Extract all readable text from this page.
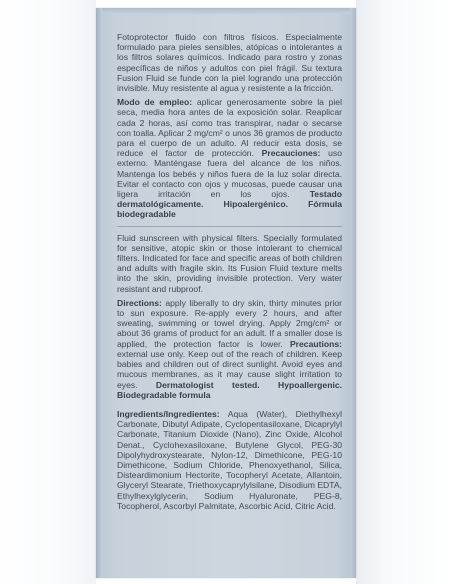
Fotoprotector fluido con filtros físicos. Especialmente formulado para pieles sensibles, atópicas o intolerantes a los filtros solares químicos. Indicado para rostro y zonas específicas de niños y adultos con piel frágil. Su textura Fusion Fluid se funde con la piel logrando una protección invisible. Muy resistente al agua y resistente a la fricción.

Modo de empleo: aplicar generosamente sobre la piel seca, media hora antes de la exposición solar. Reaplicar cada 2 horas, así como tras transpirar, nadar o secarse con toalla. Aplicar 2 mg/cm² o unos 36 gramos de producto para el cuerpo de un adulto. Al reducir esta dosis, se reduce el factor de protección. Precauciones: uso externo. Manténgase fuera del alcance de los niños. Mantenga los bebés y niños fuera de la luz solar directa. Evitar el contacto con ojos y mucosas, puede causar una ligera irritación en los ojos. Testado dermatológicamente. Hipoalergénico. Fórmula biodegradable

Fluid sunscreen with physical filters. Specially formulated for sensitive, atopic skin or those intolerant to chemical filters. Indicated for face and specific areas of both children and adults with fragile skin. Its Fusion Fluid texture melts into the skin, providing invisible protection. Very water resistant and rubproof.

Directions: apply liberally to dry skin, thirty minutes prior to sun exposure. Re-apply every 2 hours, and after sweating, swimming or towel drying. Apply 2mg/cm² or about 36 grams of product for an adult. If a smaller dose is applied, the protection factor is lower. Precautions: external use only. Keep out of the reach of children. Keep babies and children out of direct sunlight. Avoid eyes and mucous membranes, as it may cause slight irritation to eyes. Dermatologist tested. Hypoallergenic. Biodegradable formula

Ingredients/Ingredientes: Aqua (Water), Diethylhexyl Carbonate, Dibutyl Adipate, Cyclopentasiloxane, Dicaprylyl Carbonate, Titanium Dioxide (Nano), Zinc Oxide, Alcohol Denat., Cyclohexasiloxane, Butylene Glycol, PEG-30 Dipolyhydroxystearate, Nylon-12, Dimethicone, PEG-10 Dimethicone, Sodium Chloride, Phenoxyethanol, Silica, Disteardimonium Hectorite, Tocopheryl Acetate, Allantoin, Glyceryl Stearate, Triethoxycaprylylsilane, Disodium EDTA, Ethylhexylglycerin, Sodium Hyaluronate, PEG-8, Tocopherol, Ascorbyl Palmitate, Ascorbic Acid, Citric Acid.
